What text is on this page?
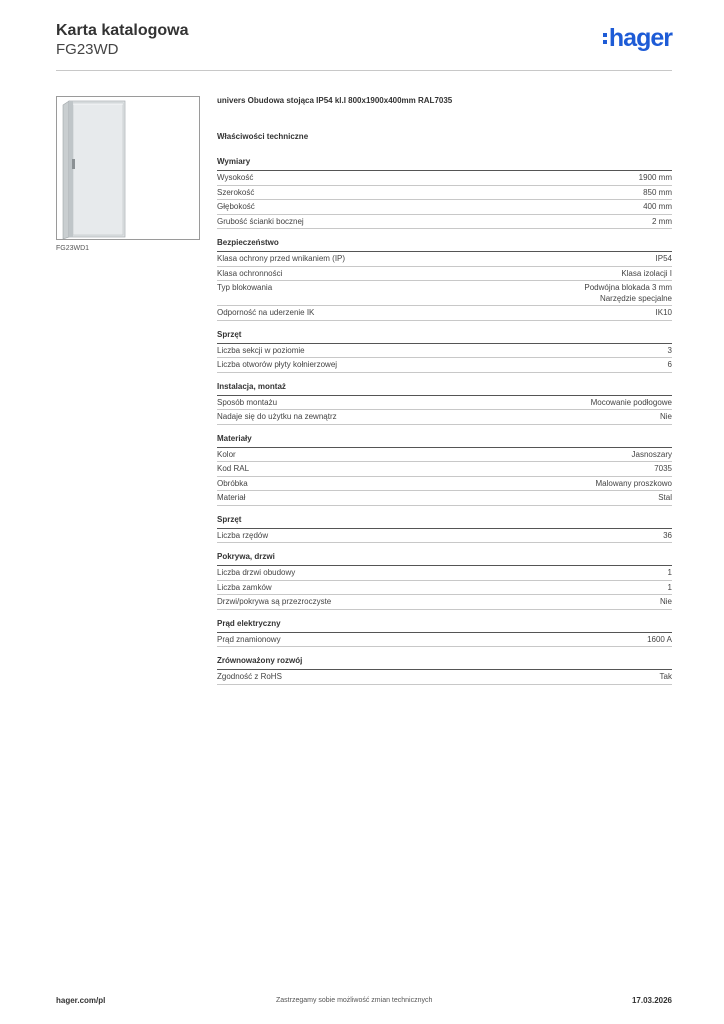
Karta katalogowa
FG23WD	hager
FG23WD1
univers Obudowa stojąca IP54 kl.I 800x1900x400mm RAL7035
Właściwości techniczne
Wymiary
Wysokość	1900 mm
Szerokość	850 mm
Głębokość	400 mm
Grubość ścianki bocznej	2 mm
Bezpieczeństwo
Klasa ochrony przed wnikaniem (IP)	IP54
Klasa ochronności	Klasa izolacji I
Typ blokowania	Podwójna blokada 3 mm
Narzędzie specjalne
Odporność na uderzenie IK	IK10
Sprzęt
Liczba sekcji w poziomie	3
Liczba otworów płyty kołnierzowej	6
Instalacja, montaż
Sposób montażu	Mocowanie podłogowe
Nadaje się do użytku na zewnątrz	Nie
Materiały
Kolor	Jasnoszary
Kod RAL	7035
Obróbka	Malowany proszkowo
Materiał	Stal
Sprzęt
Liczba rzędów	36
Pokrywa, drzwi
Liczba drzwi obudowy	1
Liczba zamków	1
Drzwi/pokrywa są przezroczyste	Nie
Prąd elektryczny
Prąd znamionowy	1600 A
Zrównoważony rozwój
Zgodność z RoHS	Tak
hager.com/pl	Zastrzegamy sobie możliwość zmian technicznych	17.03.2026
